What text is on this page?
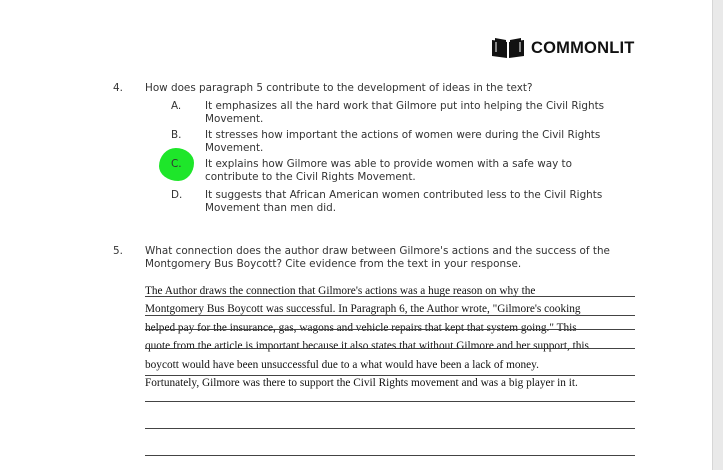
COMMONLIT
4. How does paragraph 5 contribute to the development of ideas in the text?
A. It emphasizes all the hard work that Gilmore put into helping the Civil Rights
Movement.
B. It stresses how important the actions of women were during the Civil Rights
Movement.
C. It explains how Gilmore was able to provide women with a safe way to
contribute to the Civil Rights Movement.
D. It suggests that African American women contributed less to the Civil Rights
Movement than men did.
5. What connection does the author draw between Gilmore's actions and the success of the
Montgomery Bus Boycott? Cite evidence from the text in your response.
The Author draws the connection that Gilmore's actions was a huge reason on why the
Montgomery Bus Boycott was successful. In Paragraph 6, the Author wrote, "Gilmore's cooking
helped pay for the insurance, gas, wagons and vehicle repairs that kept that system going." This
quote from the article is important because it also states that without Gilmore and her support, this
boycott would have been unsuccessful due to a what would have been a lack of money.
Fortunately, Gilmore was there to support the Civil Rights movement and was a big player in it.
